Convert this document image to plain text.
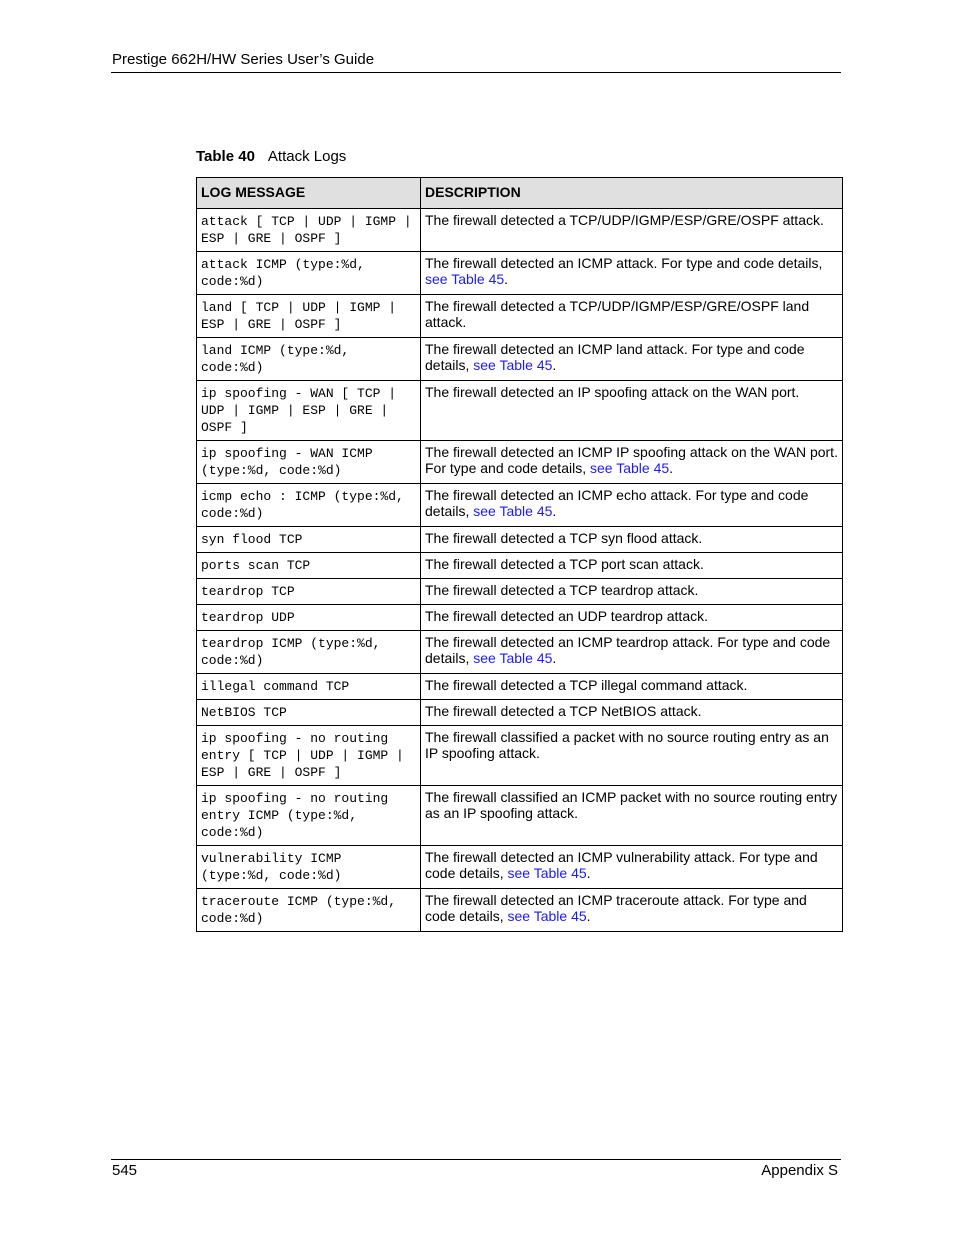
Prestige 662H/HW Series User’s Guide
Table 40 Attack Logs
LOG MESSAGE	DESCRIPTION
attack [ TCP | UDP | IGMP | ESP | GRE | OSPF ]	The firewall detected a TCP/UDP/IGMP/ESP/GRE/OSPF attack.
attack ICMP (type:%d, code:%d)	The firewall detected an ICMP attack. For type and code details, see Table 45.
land [ TCP | UDP | IGMP | ESP | GRE | OSPF ]	The firewall detected a TCP/UDP/IGMP/ESP/GRE/OSPF land attack.
land ICMP (type:%d, code:%d)	The firewall detected an ICMP land attack. For type and code details, see Table 45.
ip spoofing - WAN [ TCP | UDP | IGMP | ESP | GRE | OSPF ]	The firewall detected an IP spoofing attack on the WAN port.
ip spoofing - WAN ICMP (type:%d, code:%d)	The firewall detected an ICMP IP spoofing attack on the WAN port. For type and code details, see Table 45.
icmp echo : ICMP (type:%d, code:%d)	The firewall detected an ICMP echo attack. For type and code details, see Table 45.
syn flood TCP	The firewall detected a TCP syn flood attack.
ports scan TCP	The firewall detected a TCP port scan attack.
teardrop TCP	The firewall detected a TCP teardrop attack.
teardrop UDP	The firewall detected an UDP teardrop attack.
teardrop ICMP (type:%d, code:%d)	The firewall detected an ICMP teardrop attack. For type and code details, see Table 45.
illegal command TCP	The firewall detected a TCP illegal command attack.
NetBIOS TCP	The firewall detected a TCP NetBIOS attack.
ip spoofing - no routing entry [ TCP | UDP | IGMP | ESP | GRE | OSPF ]	The firewall classified a packet with no source routing entry as an IP spoofing attack.
ip spoofing - no routing entry ICMP (type:%d, code:%d)	The firewall classified an ICMP packet with no source routing entry as an IP spoofing attack.
vulnerability ICMP (type:%d, code:%d)	The firewall detected an ICMP vulnerability attack. For type and code details, see Table 45.
traceroute ICMP (type:%d, code:%d)	The firewall detected an ICMP traceroute attack. For type and code details, see Table 45.
545	Appendix S
